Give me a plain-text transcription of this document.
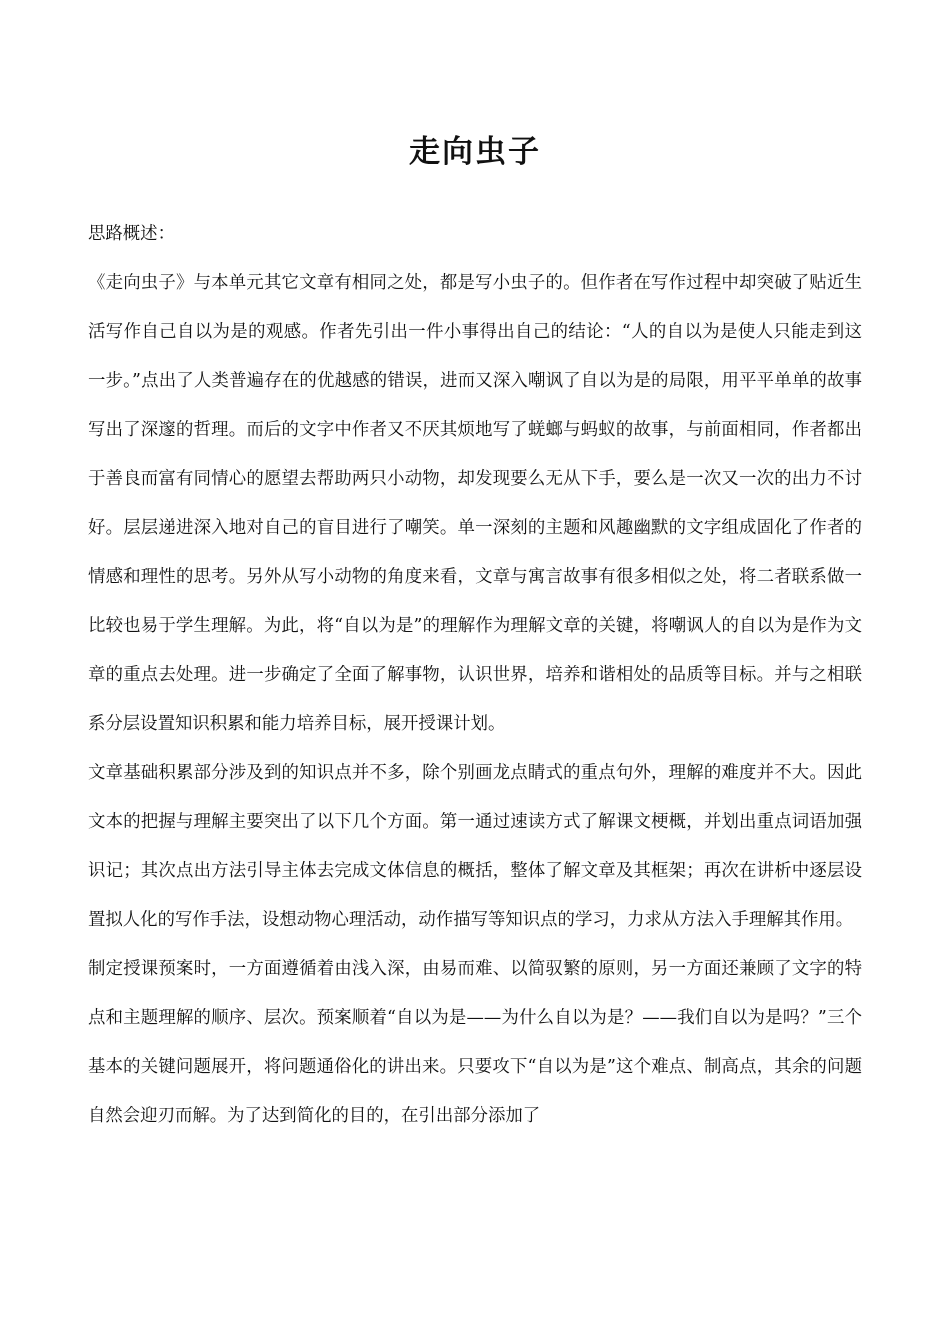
走向虫子

思路概述：

《走向虫子》与本单元其它文章有相同之处，都是写小虫子的。但作者在写作过程中却突破了贴近生活写作自己自以为是的观感。作者先引出一件小事得出自己的结论：“人的自以为是使人只能走到这一步。”点出了人类普遍存在的优越感的错误，进而又深入嘲讽了自以为是的局限，用平平单单的故事写出了深邃的哲理。而后的文字中作者又不厌其烦地写了蜣螂与蚂蚁的故事，与前面相同，作者都出于善良而富有同情心的愿望去帮助两只小动物，却发现要么无从下手，要么是一次又一次的出力不讨好。层层递进深入地对自己的盲目进行了嘲笑。单一深刻的主题和风趣幽默的文字组成固化了作者的情感和理性的思考。另外从写小动物的角度来看，文章与寓言故事有很多相似之处，将二者联系做一比较也易于学生理解。为此，将“自以为是”的理解作为理解文章的关键，将嘲讽人的自以为是作为文章的重点去处理。进一步确定了全面了解事物，认识世界，培养和谐相处的品质等目标。并与之相联系分层设置知识积累和能力培养目标，展开授课计划。

文章基础积累部分涉及到的知识点并不多，除个别画龙点睛式的重点句外，理解的难度并不大。因此文本的把握与理解主要突出了以下几个方面。第一通过速读方式了解课文梗概，并划出重点词语加强识记；其次点出方法引导主体去完成文体信息的概括，整体了解文章及其框架；再次在讲析中逐层设置拟人化的写作手法，设想动物心理活动，动作描写等知识点的学习，力求从方法入手理解其作用。

制定授课预案时，一方面遵循着由浅入深，由易而难、以简驭繁的原则，另一方面还兼顾了文字的特点和主题理解的顺序、层次。预案顺着“自以为是——为什么自以为是？——我们自以为是吗？”三个基本的关键问题展开，将问题通俗化的讲出来。只要攻下“自以为是”这个难点、制高点，其余的问题自然会迎刃而解。为了达到简化的目的，在引出部分添加了
